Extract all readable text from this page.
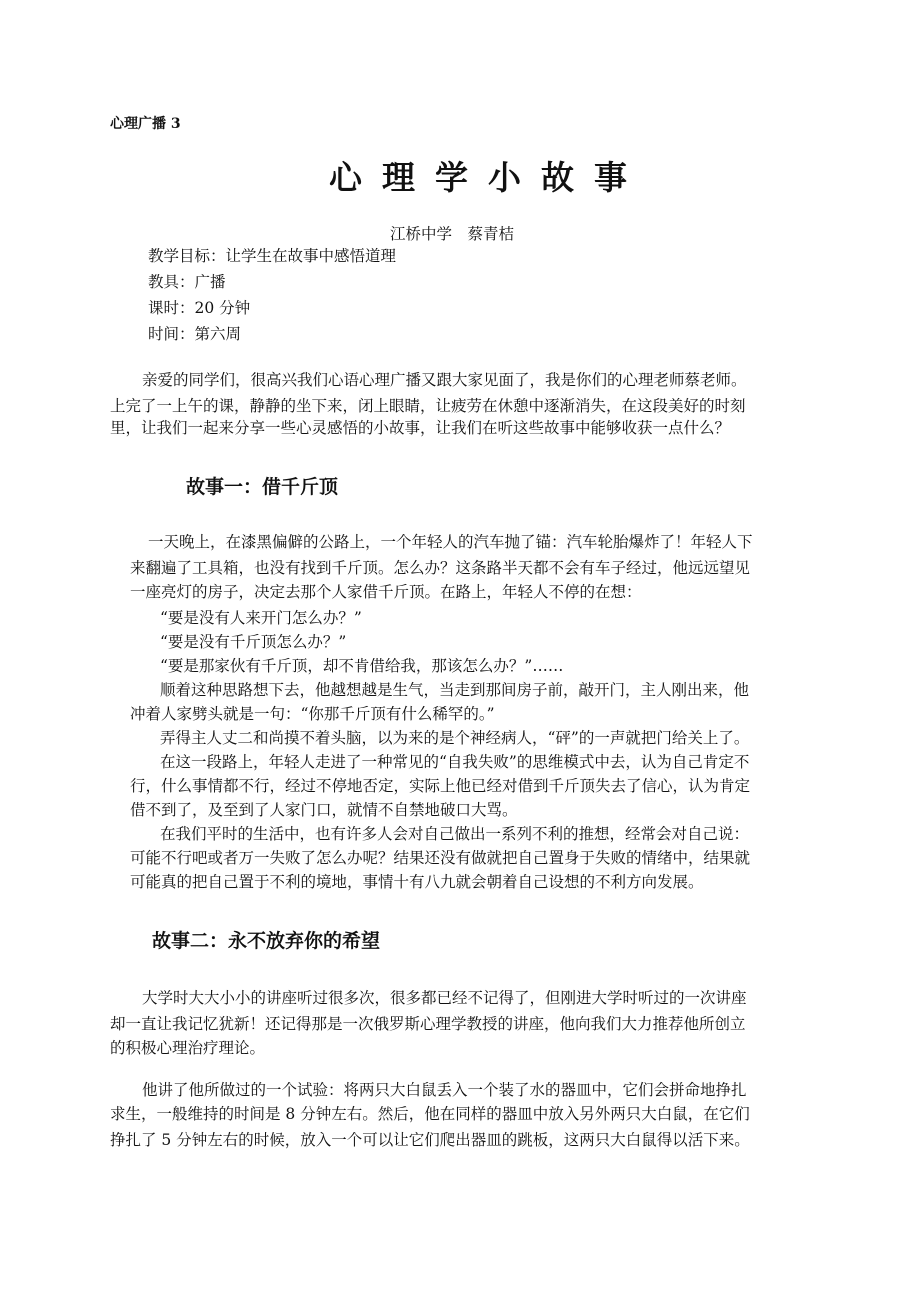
心理广播 3
心理学小故事
江桥中学　蔡青桔
教学目标：让学生在故事中感悟道理
教具：广播
课时：20 分钟
时间：第六周
亲爱的同学们，很高兴我们心语心理广播又跟大家见面了，我是你们的心理老师蔡老师。
上完了一上午的课，静静的坐下来，闭上眼睛，让疲劳在休憩中逐渐消失，在这段美好的时刻
里，让我们一起来分享一些心灵感悟的小故事，让我们在听这些故事中能够收获一点什么？
故事一：借千斤顶
一天晚上，在漆黑偏僻的公路上，一个年轻人的汽车抛了锚：汽车轮胎爆炸了！年轻人下
来翻遍了工具箱，也没有找到千斤顶。怎么办？这条路半天都不会有车子经过，他远远望见
一座亮灯的房子，决定去那个人家借千斤顶。在路上，年轻人不停的在想：
“要是没有人来开门怎么办？”
“要是没有千斤顶怎么办？”
“要是那家伙有千斤顶，却不肯借给我，那该怎么办？”……
顺着这种思路想下去，他越想越是生气，当走到那间房子前，敲开门，主人刚出来，他
冲着人家劈头就是一句：“你那千斤顶有什么稀罕的。”
弄得主人丈二和尚摸不着头脑，以为来的是个神经病人，“砰”的一声就把门给关上了。
在这一段路上，年轻人走进了一种常见的“自我失败”的思维模式中去，认为自己肯定不
行，什么事情都不行，经过不停地否定，实际上他已经对借到千斤顶失去了信心，认为肯定
借不到了，及至到了人家门口，就情不自禁地破口大骂。
在我们平时的生活中，也有许多人会对自己做出一系列不利的推想，经常会对自己说：
可能不行吧或者万一失败了怎么办呢？结果还没有做就把自己置身于失败的情绪中，结果就
可能真的把自己置于不利的境地，事情十有八九就会朝着自己设想的不利方向发展。
故事二：永不放弃你的希望
大学时大大小小的讲座听过很多次，很多都已经不记得了，但刚进大学时听过的一次讲座
却一直让我记忆犹新！还记得那是一次俄罗斯心理学教授的讲座，他向我们大力推荐他所创立
的积极心理治疗理论。
他讲了他所做过的一个试验：将两只大白鼠丢入一个装了水的器皿中，它们会拼命地挣扎
求生，一般维持的时间是 8 分钟左右。然后，他在同样的器皿中放入另外两只大白鼠，在它们
挣扎了 5 分钟左右的时候，放入一个可以让它们爬出器皿的跳板，这两只大白鼠得以活下来。
